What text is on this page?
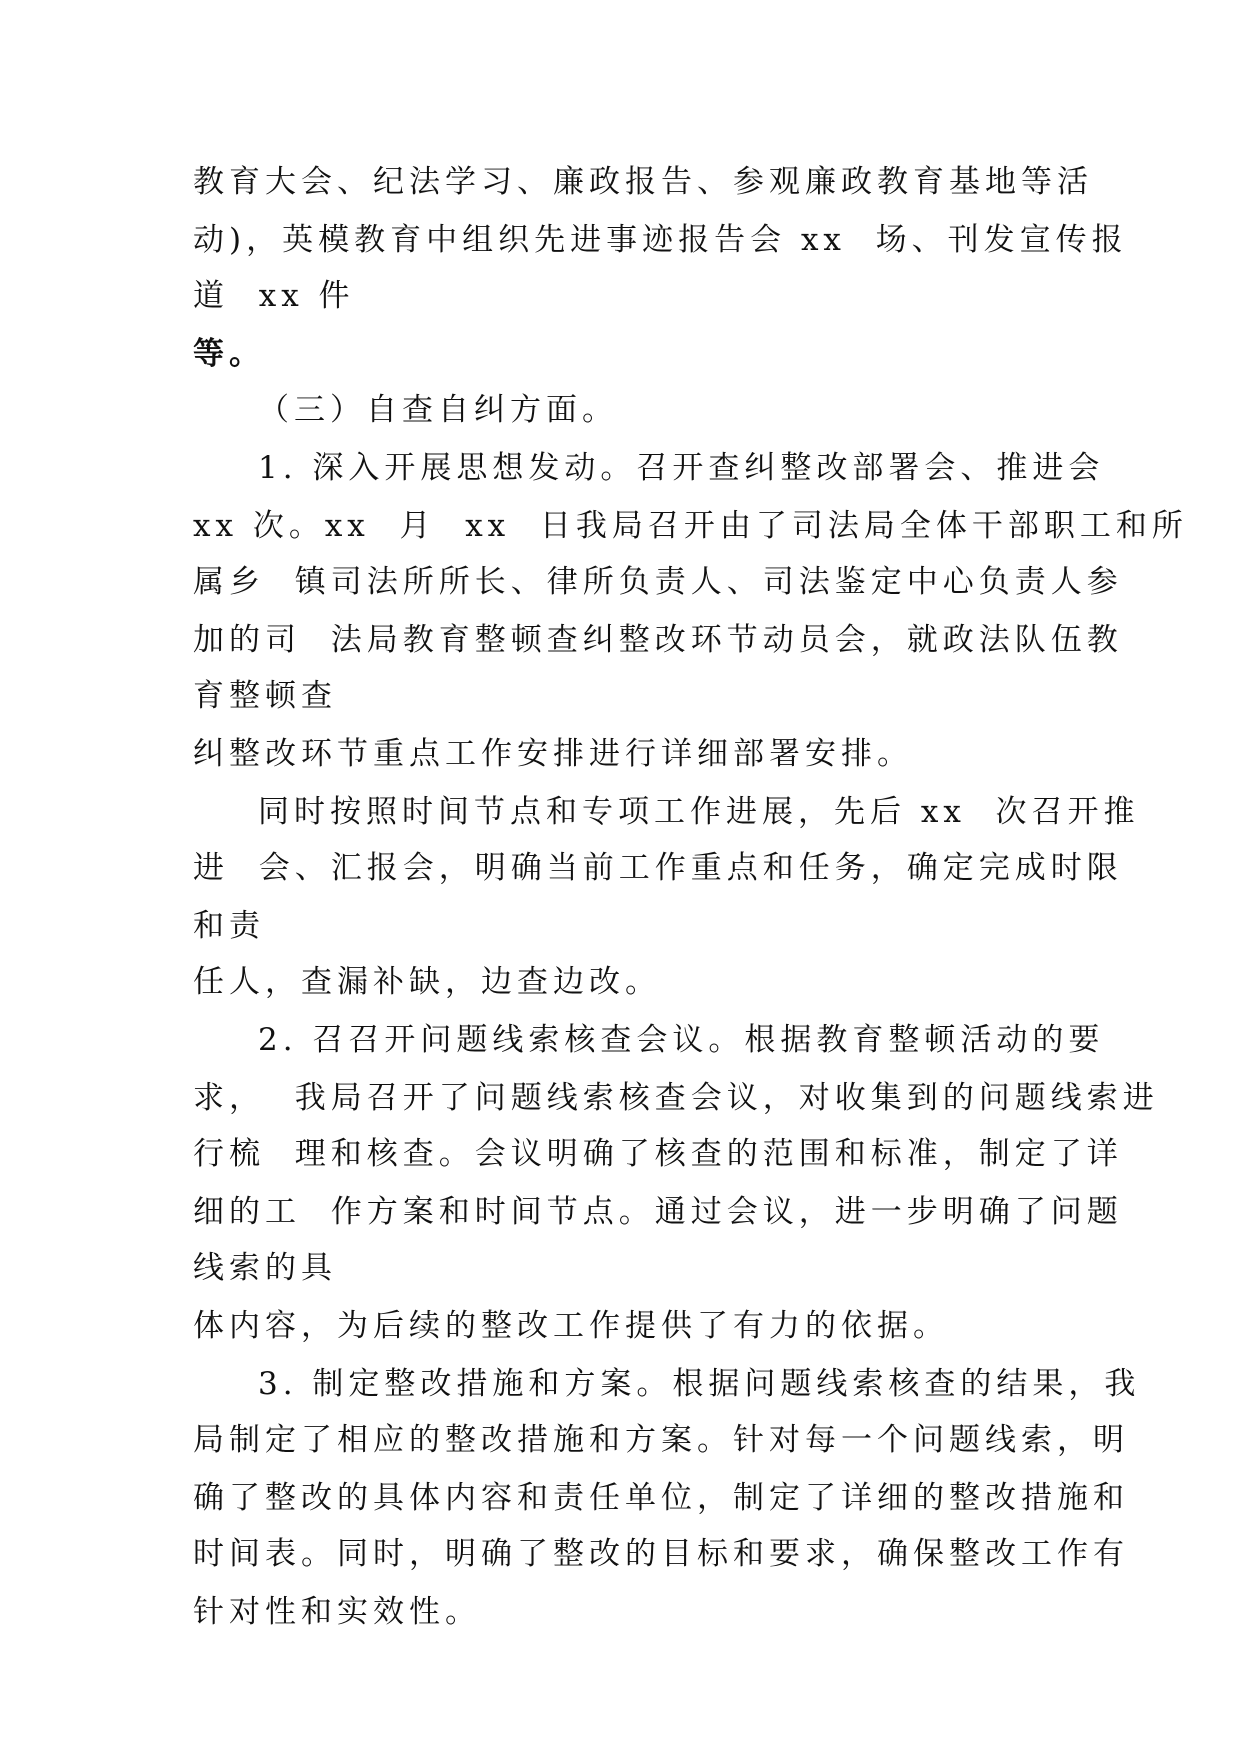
教育大会、纪法学习、廉政报告、参观廉政教育基地等活
动)，英模教育中组织先进事迹报告会 xx  场、刊发宣传报
道  xx 件
等。
（三）自查自纠方面。
1. 深入开展思想发动。召开查纠整改部署会、推进会
xx 次。xx  月  xx  日我局召开由了司法局全体干部职工和所
属乡  镇司法所所长、律所负责人、司法鉴定中心负责人参
加的司  法局教育整顿查纠整改环节动员会，就政法队伍教
育整顿查
纠整改环节重点工作安排进行详细部署安排。
同时按照时间节点和专项工作进展，先后 xx  次召开推
进  会、汇报会，明确当前工作重点和任务，确定完成时限
和责
任人，查漏补缺，边查边改。
2. 召召开问题线索核查会议。根据教育整顿活动的要
求，  我局召开了问题线索核查会议，对收集到的问题线索进
行梳  理和核查。会议明确了核查的范围和标准，制定了详
细的工  作方案和时间节点。通过会议，进一步明确了问题
线索的具
体内容，为后续的整改工作提供了有力的依据。
3. 制定整改措施和方案。根据问题线索核查的结果，我
局制定了相应的整改措施和方案。针对每一个问题线索，明
确了整改的具体内容和责任单位，制定了详细的整改措施和
时间表。同时，明确了整改的目标和要求，确保整改工作有
针对性和实效性。
